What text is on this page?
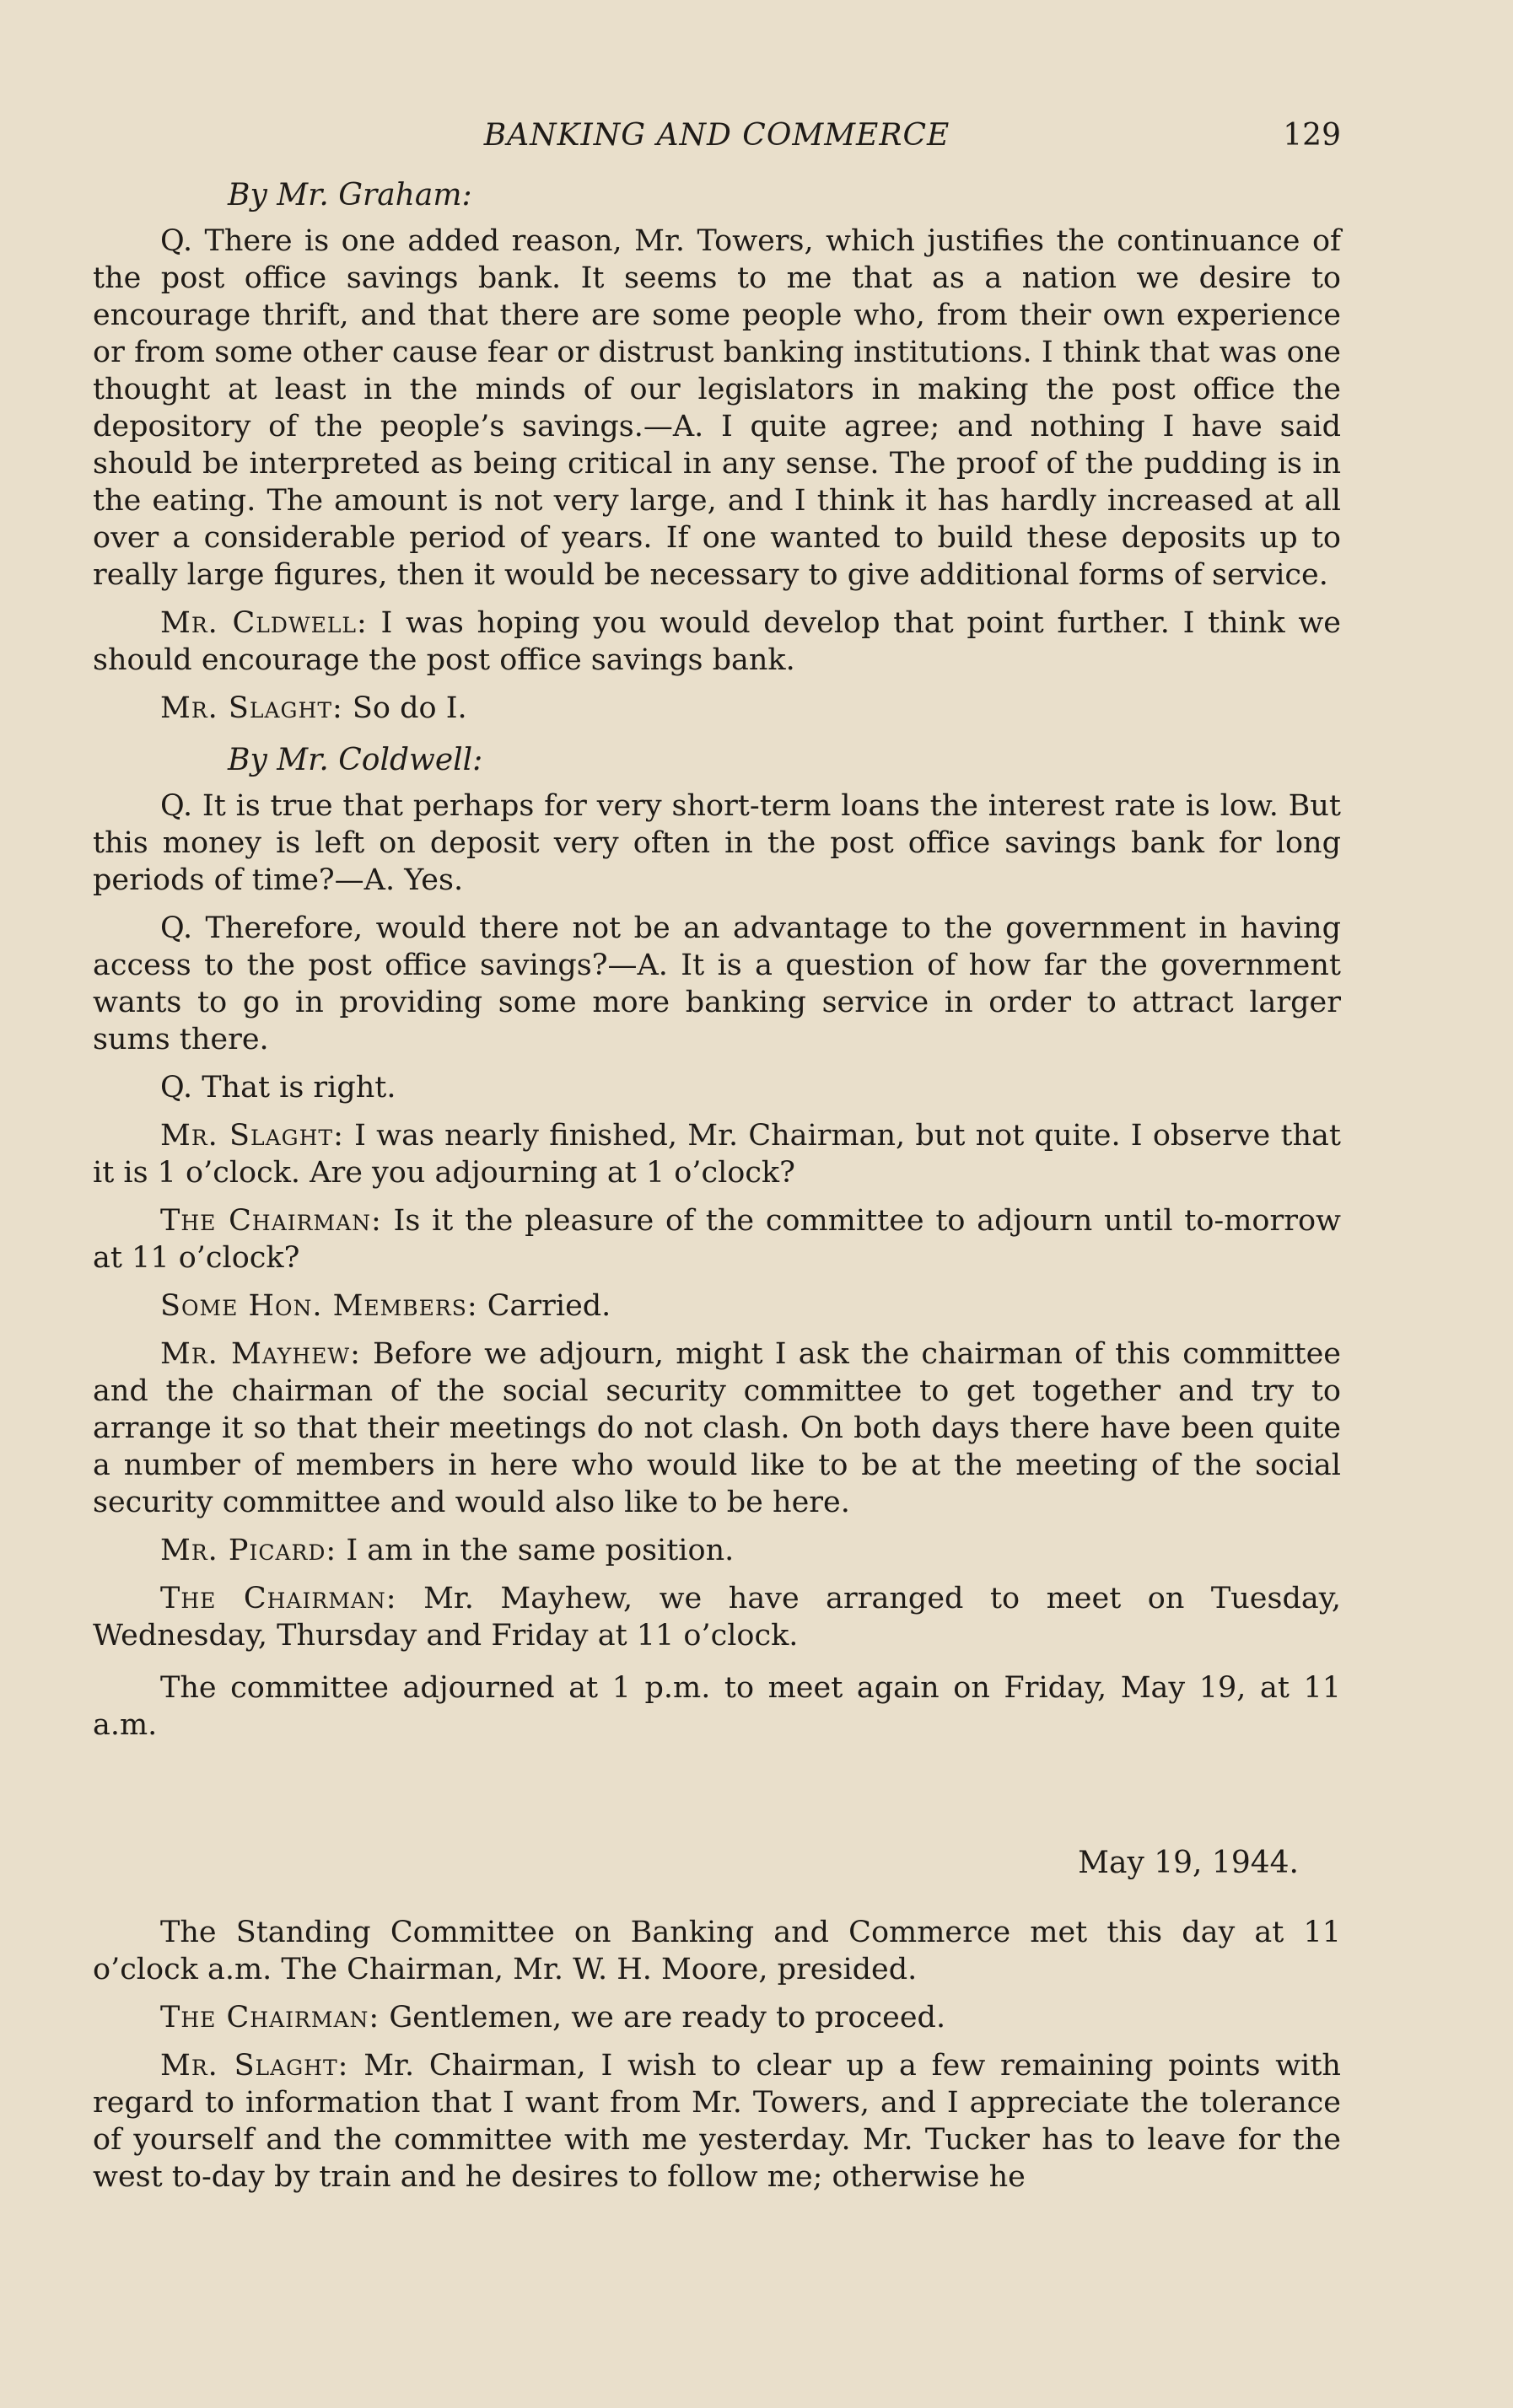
BANKING AND COMMERCE	129
By Mr. Graham:

Q. There is one added reason, Mr. Towers, which justifies the continuance of the post office savings bank. It seems to me that as a nation we desire to encourage thrift, and that there are some people who, from their own experience or from some other cause fear or distrust banking institutions. I think that was one thought at least in the minds of our legislators in making the post office the depository of the people’s savings.—A. I quite agree; and nothing I have said should be interpreted as being critical in any sense. The proof of the pudding is in the eating. The amount is not very large, and I think it has hardly increased at all over a considerable period of years. If one wanted to build these deposits up to really large figures, then it would be necessary to give additional forms of service.

Mr. Cldwell: I was hoping you would develop that point further. I think we should encourage the post office savings bank.

Mr. Slaght: So do I.

By Mr. Coldwell:

Q. It is true that perhaps for very short-term loans the interest rate is low. But this money is left on deposit very often in the post office savings bank for long periods of time?—A. Yes.

Q. Therefore, would there not be an advantage to the government in having access to the post office savings?—A. It is a question of how far the government wants to go in providing some more banking service in order to attract larger sums there.

Q. That is right.

Mr. Slaght: I was nearly finished, Mr. Chairman, but not quite. I observe that it is 1 o’clock. Are you adjourning at 1 o’clock?

The Chairman: Is it the pleasure of the committee to adjourn until to-morrow at 11 o’clock?

Some Hon. Members: Carried.

Mr. Mayhew: Before we adjourn, might I ask the chairman of this committee and the chairman of the social security committee to get together and try to arrange it so that their meetings do not clash. On both days there have been quite a number of members in here who would like to be at the meeting of the social security committee and would also like to be here.

Mr. Picard: I am in the same position.

The Chairman: Mr. Mayhew, we have arranged to meet on Tuesday, Wednesday, Thursday and Friday at 11 o’clock.

The committee adjourned at 1 p.m. to meet again on Friday, May 19, at 11 a.m.

May 19, 1944.

The Standing Committee on Banking and Commerce met this day at 11 o’clock a.m. The Chairman, Mr. W. H. Moore, presided.

The Chairman: Gentlemen, we are ready to proceed.

Mr. Slaght: Mr. Chairman, I wish to clear up a few remaining points with regard to information that I want from Mr. Towers, and I appreciate the tolerance of yourself and the committee with me yesterday. Mr. Tucker has to leave for the west to-day by train and he desires to follow me; otherwise he
